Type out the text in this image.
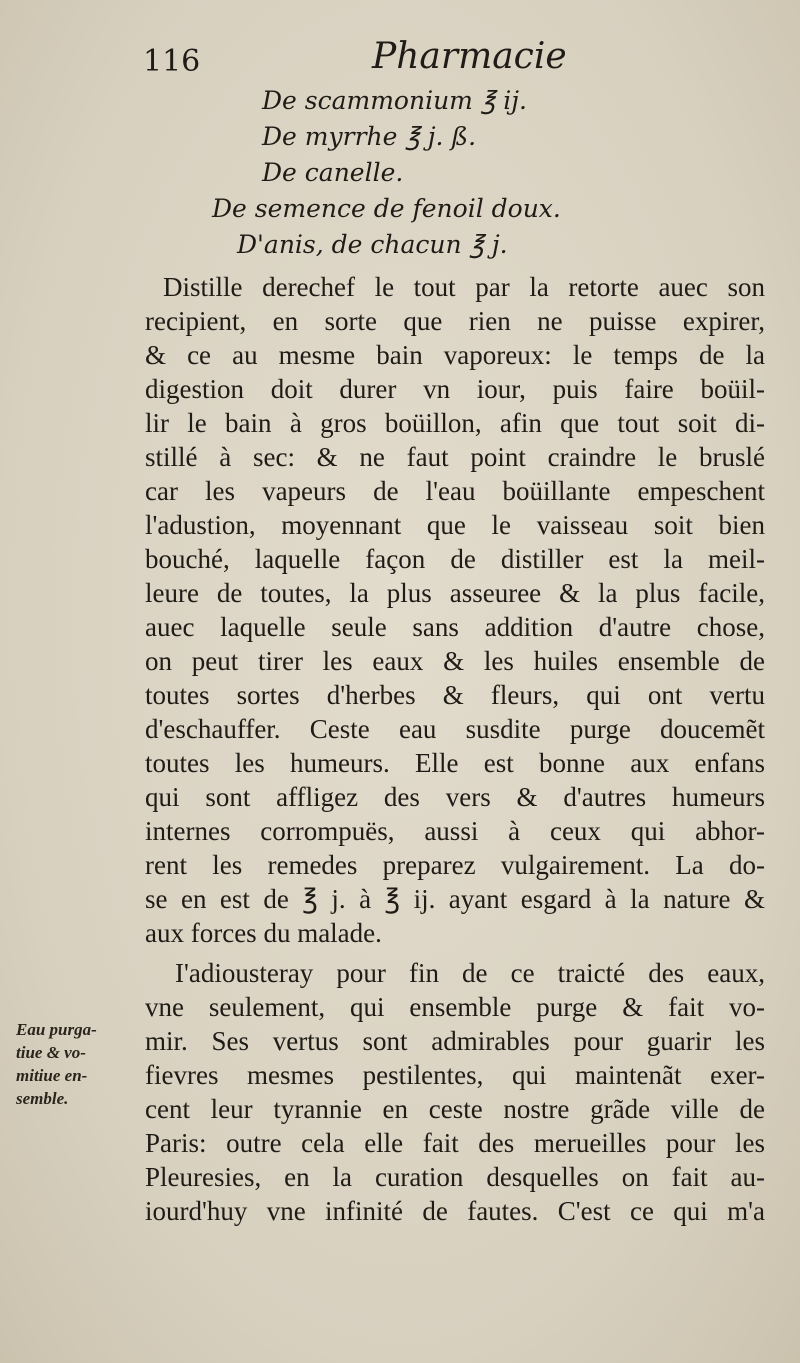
116	Pharmacie
De scammonium ℥ ij.
De myrrhe ℥ j. ß.
De canelle.
De semence de fenoil doux.
D'anis, de chacun ℥ j.
Distille derechef le tout par la retorte auec son
recipient, en sorte que rien ne puisse expirer,
& ce au mesme bain vaporeux: le temps de la
digestion doit durer vn iour, puis faire boüil-
lir le bain à gros boüillon, afin que tout soit di-
stillé à sec: & ne faut point craindre le bruslé
car les vapeurs de l'eau boüillante empeschent
l'adustion, moyennant que le vaisseau soit bien
bouché, laquelle façon de distiller est la meil-
leure de toutes, la plus asseuree & la plus facile,
auec laquelle seule sans addition d'autre chose,
on peut tirer les eaux & les huiles ensemble de
toutes sortes d'herbes & fleurs, qui ont vertu
d'eschauffer. Ceste eau susdite purge doucemẽt
toutes les humeurs. Elle est bonne aux enfans
qui sont affligez des vers & d'autres humeurs
internes corrompuës, aussi à ceux qui abhor-
rent les remedes preparez vulgairement. La do-
se en est de ℥ j. à ℥ ij. ayant esgard à la nature &
aux forces du malade.
I'adiousteray pour fin de ce traicté des eaux,
vne seulement, qui ensemble purge & fait vo-
mir. Ses vertus sont admirables pour guarir les
fievres mesmes pestilentes, qui maintenãt exer-
cent leur tyrannie en ceste nostre grãde ville de
Paris: outre cela elle fait des merueilles pour les
Pleuresies, en la curation desquelles on fait au-
iourd'huy vne infinité de fautes. C'est ce qui m'a
Eau purga-
tiue & vo-
mitiue en-
semble.
